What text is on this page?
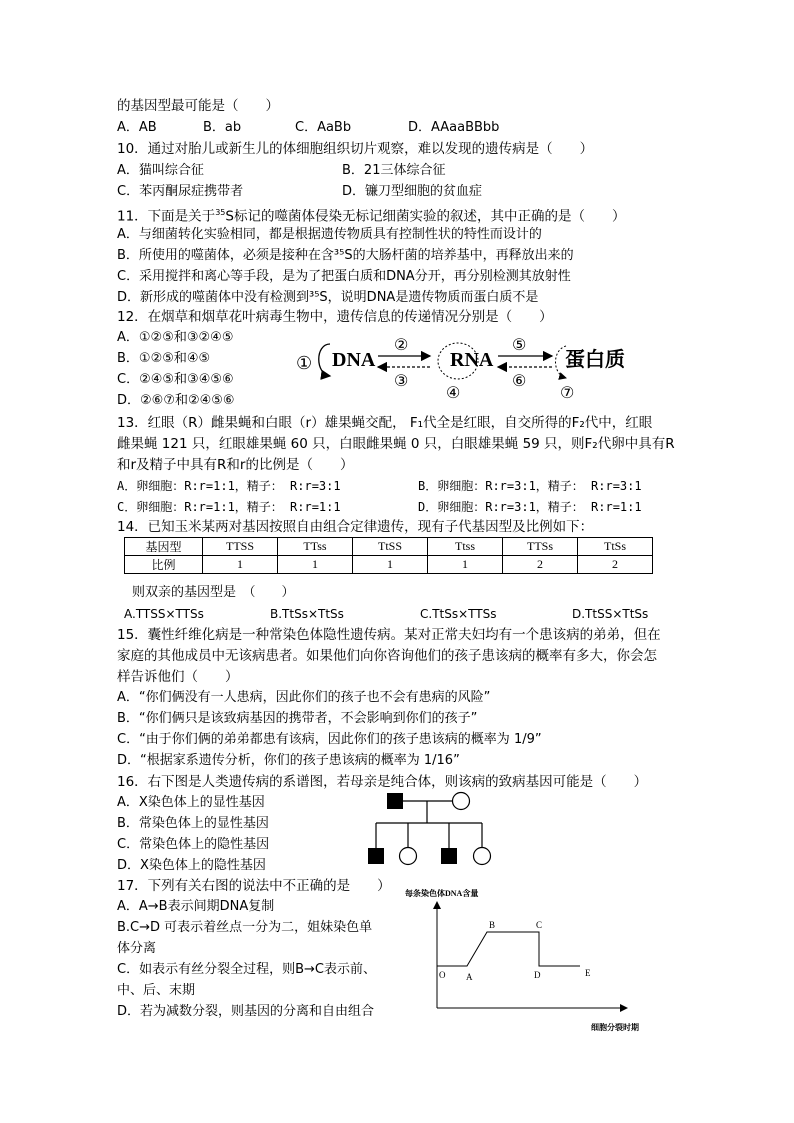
的基因型最可能是（　　）
A．AB	B．ab	C．AaBb	D．AAaaBBbb
10．通过对胎儿或新生儿的体细胞组织切片观察，难以发现的遗传病是（　　）
A．猫叫综合征	B．21三体综合征
C．苯丙酮尿症携带者	D．镰刀型细胞的贫血症
11．下面是关于$^{35}$S标记的噬菌体侵染无标记细菌实验的叙述，其中正确的是（　　）
A．与细菌转化实验相同，都是根据遗传物质具有控制性状的特性而设计的
B．所使用的噬菌体，必须是接种在含³⁵S的大肠杆菌的培养基中，再释放出来的
C．采用搅拌和离心等手段，是为了把蛋白质和DNA分开，再分别检测其放射性
D．新形成的噬菌体中没有检测到³⁵S，说明DNA是遗传物质而蛋白质不是
12．在烟草和烟草花叶病毒生物中，遗传信息的传递情况分别是（　　）
A．①②⑤和③②④⑤
B．①②⑤和④⑤
C．②④⑤和③④⑤⑥
D．②⑥⑦和②④⑤⑥
① DNA
②
③
RNA
④
⑤
⑥
蛋白质
⑦
13．红眼（R）雌果蝇和白眼（r）雄果蝇交配， F₁代全是红眼，自交所得的F₂代中，红眼
雌果蝇 121 只，红眼雄果蝇 60 只，白眼雌果蝇 0 只，白眼雄果蝇 59 只，则F₂代卵中具有R
和r及精子中具有R和r的比例是（　　）
A．卵细胞：R:r=1:1，精子： R:r=3:1	B．卵细胞：R:r=3:1，精子： R:r=3:1
C．卵细胞：R:r=1:1，精子： R:r=1:1	D．卵细胞：R:r=3:1，精子： R:r=1:1
14．已知玉米某两对基因按照自由组合定律遗传，现有子代基因型及比例如下：
基因型	TTSS	TTss	TtSS	Ttss	TTSs	TtSs
比例	1	1	1	1	2	2
则双亲的基因型是　（　　）
A.TTSS×TTSs	B.TtSs×TtSs	C.TtSs×TTSs	D.TtSS×TtSs
15．囊性纤维化病是一种常染色体隐性遗传病。某对正常夫妇均有一个患该病的弟弟，但在
家庭的其他成员中无该病患者。如果他们向你咨询他们的孩子患该病的概率有多大，你会怎
样告诉他们（　　）
A．“你们俩没有一人患病，因此你们的孩子也不会有患病的风险”
B．“你们俩只是该致病基因的携带者，不会影响到你们的孩子”
C．“由于你们俩的弟弟都患有该病，因此你们的孩子患该病的概率为 1/9”
D．“根据家系遗传分析，你们的孩子患该病的概率为 1/16”
16．右下图是人类遗传病的系谱图，若母亲是纯合体，则该病的致病基因可能是（　　）
A．X染色体上的显性基因
B．常染色体上的显性基因
C．常染色体上的隐性基因
D．X染色体上的隐性基因
17．下列有关右图的说法中不正确的是　　）
A．A→B表示间期DNA复制
B.C→D 可表示着丝点一分为二，姐妹染色单
体分离
C．如表示有丝分裂全过程，则B→C表示前、
中、后、末期
D．若为减数分裂，则基因的分离和自由组合
每条染色体DNA含量
O A
B	C
D	E
细胞分裂时期
